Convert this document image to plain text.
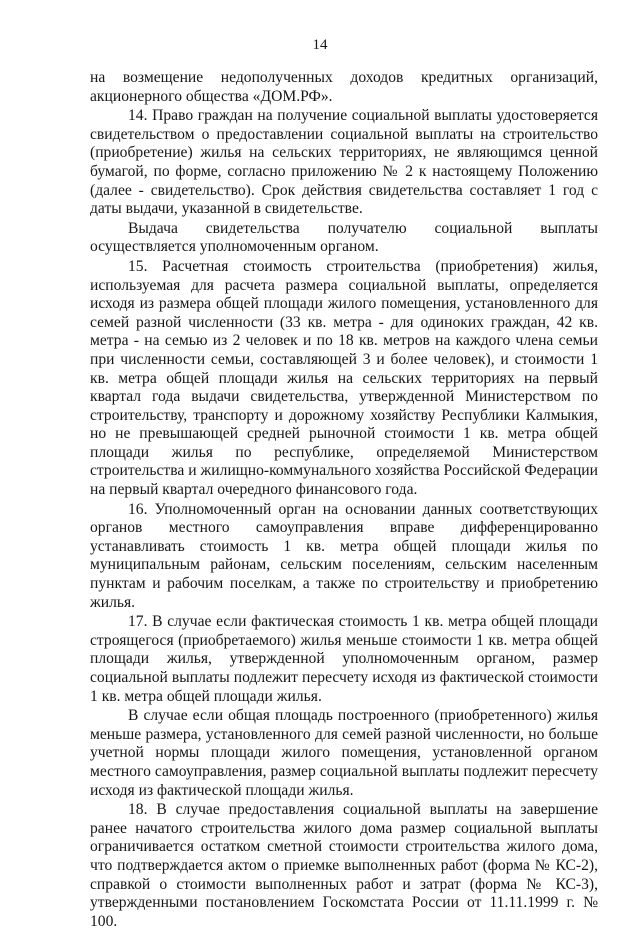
14

на возмещение недополученных доходов кредитных организаций, акционерного общества «ДОМ.РФ».

14. Право граждан на получение социальной выплаты удостоверяется свидетельством о предоставлении социальной выплаты на строительство (приобретение) жилья на сельских территориях, не являющимся ценной бумагой, по форме, согласно приложению № 2 к настоящему Положению (далее - свидетельство). Срок действия свидетельства составляет 1 год с даты выдачи, указанной в свидетельстве.

Выдача свидетельства получателю социальной выплаты осуществляется уполномоченным органом.

15. Расчетная стоимость строительства (приобретения) жилья, используемая для расчета размера социальной выплаты, определяется исходя из размера общей площади жилого помещения, установленного для семей разной численности (33 кв. метра - для одиноких граждан, 42 кв. метра - на семью из 2 человек и по 18 кв. метров на каждого члена семьи при численности семьи, составляющей 3 и более человек), и стоимости 1 кв. метра общей площади жилья на сельских территориях на первый квартал года выдачи свидетельства, утвержденной Министерством по строительству, транспорту и дорожному хозяйству Республики Калмыкия, но не превышающей средней рыночной стоимости 1 кв. метра общей площади жилья по республике, определяемой Министерством строительства и жилищно-коммунального хозяйства Российской Федерации на первый квартал очередного финансового года.

16. Уполномоченный орган на основании данных соответствующих органов местного самоуправления вправе дифференцированно устанавливать стоимость 1 кв. метра общей площади жилья по муниципальным районам, сельским поселениям, сельским населенным пунктам и рабочим поселкам, а также по строительству и приобретению жилья.

17. В случае если фактическая стоимость 1 кв. метра общей площади строящегося (приобретаемого) жилья меньше стоимости 1 кв. метра общей площади жилья, утвержденной уполномоченным органом, размер социальной выплаты подлежит пересчету исходя из фактической стоимости 1 кв. метра общей площади жилья.

В случае если общая площадь построенного (приобретенного) жилья меньше размера, установленного для семей разной численности, но больше учетной нормы площади жилого помещения, установленной органом местного самоуправления, размер социальной выплаты подлежит пересчету исходя из фактической площади жилья.

18. В случае предоставления социальной выплаты на завершение ранее начатого строительства жилого дома размер социальной выплаты ограничивается остатком сметной стоимости строительства жилого дома, что подтверждается актом о приемке выполненных работ (форма № КС-2), справкой о стоимости выполненных работ и затрат (форма № КС-3), утвержденными постановлением Госкомстата России от 11.11.1999 г. № 100.
